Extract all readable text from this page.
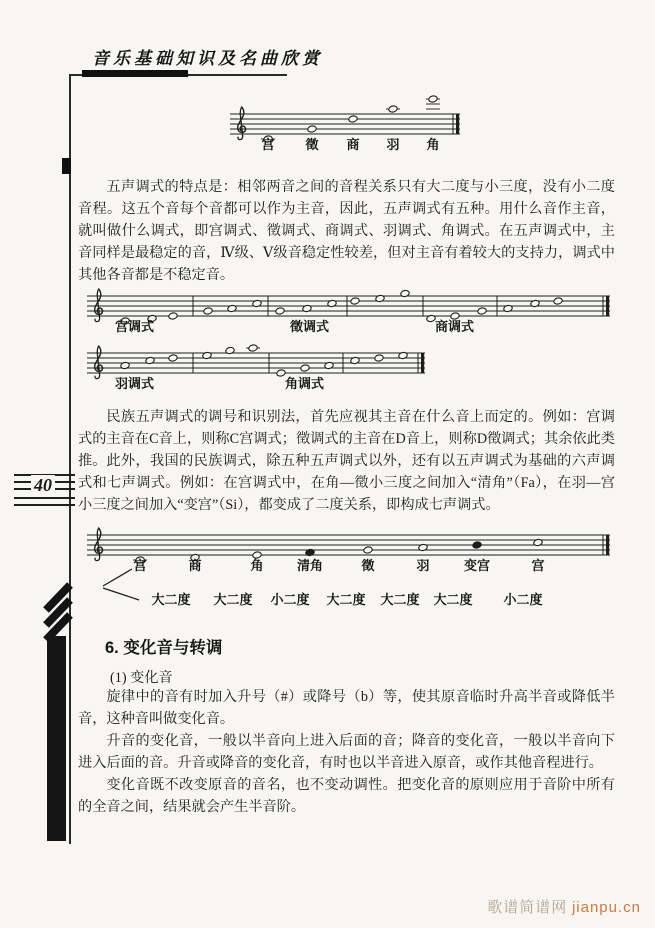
音乐基础知识及名曲欣赏
宫 徵 商 羽 角
宫调式	徵调式	商调式
羽调式	角调式
宫	商	角	清角	徵	羽	变宫	宫
五声调式的特点是：相邻两音之间的音程关系只有大二度与小三度，没有小二度音程。这五个音每个音都可以作为主音，因此，五声调式有五种。用什么音作主音，就叫做什么调式，即宫调式、徵调式、商调式、羽调式、角调式。在五声调式中，主音同样是最稳定的音，Ⅳ级、Ⅴ级音稳定性较差，但对主音有着较大的支持力，调式中其他各音都是不稳定音。
民族五声调式的调号和识别法，首先应视其主音在什么音上而定的。例如：宫调式的主音在C音上，则称C宫调式；徵调式的主音在D音上，则称D徵调式；其余依此类推。 此外，我国的民族调式，除五种五声调式以外，还有以五声调式为基础的六声调式和七声调式。例如：在宫调式中，在角—徵小三度之间加入“清角”（Fa），在羽—宫小三度之间加入“变宫”（Si），都变成了二度关系，即构成七声调式。
大二度 大二度 小二度 大二度 大二度 大二度 小二度
6. 变化音与转调
(1) 变化音
旋律中的音有时加入升号（#）或降号（b）等，使其原音临时升高半音或降低半音，这种音叫做变化音。
升音的变化音，一般以半音向上进入后面的音；降音的变化音，一般以半音向下进入后面的音。升音或降音的变化音，有时也以半音进入原音，或作其他音程进行。
变化音既不改变原音的音名，也不变动调性。把变化音的原则应用于音阶中所有的全音之间，结果就会产生半音阶。
40
歌谱简谱网 jianpu.cn
